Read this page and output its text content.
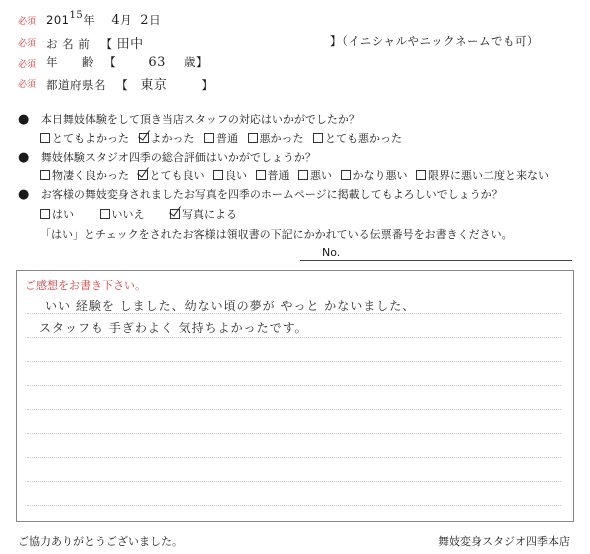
必須 20115年 4月 2日
必須 お 名 前 【 田中	】（イニシャルやニックネームでも可）
必須 年　　齢 【 63 歳】
必須 都道府県名 【 東京	】
● 本日舞妓体験をして頂き当店スタッフの対応はいかがでしたか？
とてもよかった よかった 普通 悪かった とても悪かった
● 舞妓体験スタジオ四季の総合評価はいかがでしょうか？
物凄く良かった とても良い 良い 普通 悪い かなり悪い 限界に悪い二度と来ない
● お客様の舞妓変身されましたお写真を四季のホームページに掲載してもよろしいでしょうか？
はい	いいえ	写真による
「はい」とチェックをされたお客様は領収書の下記にかかれている伝票番号をお書きください。
No.
ご感想をお書き下さい。
いい 経験を しました、幼ない頃の夢が やっと かないました、
スタッフも 手ぎわよく 気持ちよかったです。
ご協力ありがとうございました。	舞妓変身スタジオ四季本店
